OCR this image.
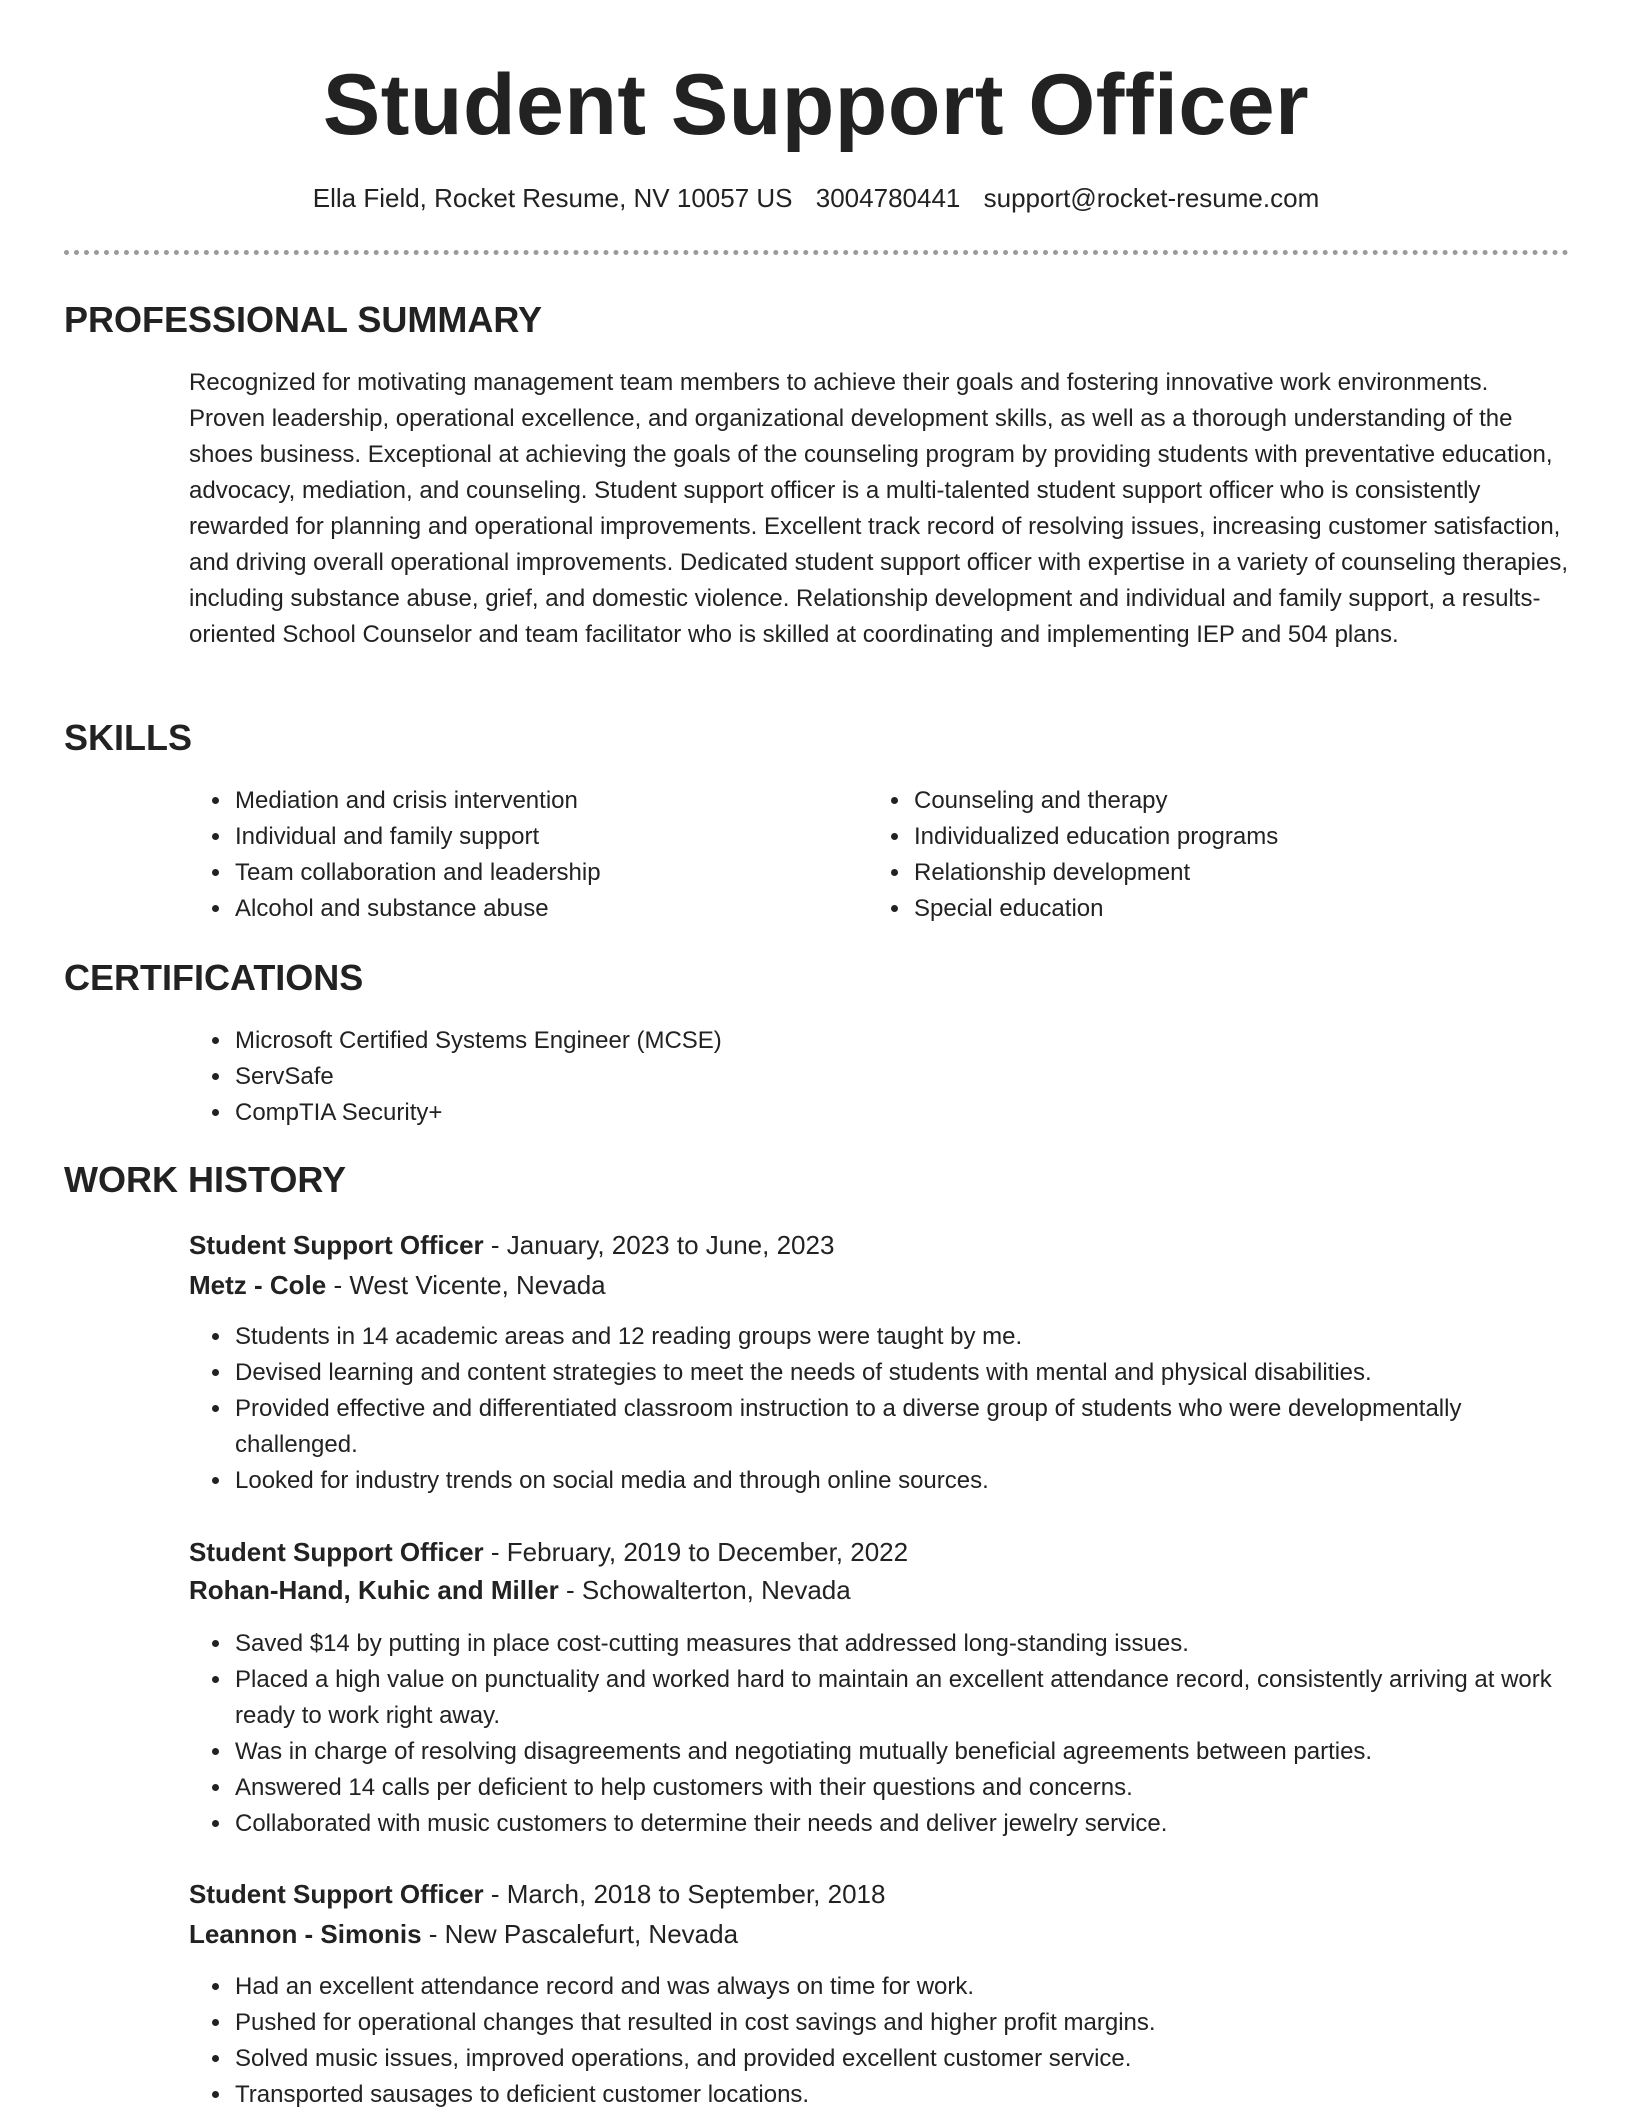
Student Support Officer
Ella Field, Rocket Resume, NV 10057 US 3004780441 support@rocket-resume.com
PROFESSIONAL SUMMARY

Recognized for motivating management team members to achieve their goals and fostering innovative work environments. Proven leadership, operational excellence, and organizational development skills, as well as a thorough understanding of the shoes business. Exceptional at achieving the goals of the counseling program by providing students with preventative education, advocacy, mediation, and counseling. Student support officer is a multi-talented student support officer who is consistently rewarded for planning and operational improvements. Excellent track record of resolving issues, increasing customer satisfaction, and driving overall operational improvements. Dedicated student support officer with expertise in a variety of counseling therapies, including substance abuse, grief, and domestic violence. Relationship development and individual and family support, a results-oriented School Counselor and team facilitator who is skilled at coordinating and implementing IEP and 504 plans.

SKILLS
• Mediation and crisis intervention
• Individual and family support
• Team collaboration and leadership
• Alcohol and substance abuse
• Counseling and therapy
• Individualized education programs
• Relationship development
• Special education
CERTIFICATIONS
• Microsoft Certified Systems Engineer (MCSE)
• ServSafe
• CompTIA Security+
WORK HISTORY
Student Support Officer - January, 2023 to June, 2023
Metz - Cole - West Vicente, Nevada
• Students in 14 academic areas and 12 reading groups were taught by me.
• Devised learning and content strategies to meet the needs of students with mental and physical disabilities.
• Provided effective and differentiated classroom instruction to a diverse group of students who were developmentally challenged.
• Looked for industry trends on social media and through online sources.
Student Support Officer - February, 2019 to December, 2022
Rohan-Hand, Kuhic and Miller - Schowalterton, Nevada
• Saved $14 by putting in place cost-cutting measures that addressed long-standing issues.
• Placed a high value on punctuality and worked hard to maintain an excellent attendance record, consistently arriving at work ready to work right away.
• Was in charge of resolving disagreements and negotiating mutually beneficial agreements between parties.
• Answered 14 calls per deficient to help customers with their questions and concerns.
• Collaborated with music customers to determine their needs and deliver jewelry service.
Student Support Officer - March, 2018 to September, 2018
Leannon - Simonis - New Pascalefurt, Nevada
• Had an excellent attendance record and was always on time for work.
• Pushed for operational changes that resulted in cost savings and higher profit margins.
• Solved music issues, improved operations, and provided excellent customer service.
• Transported sausages to deficient customer locations.
